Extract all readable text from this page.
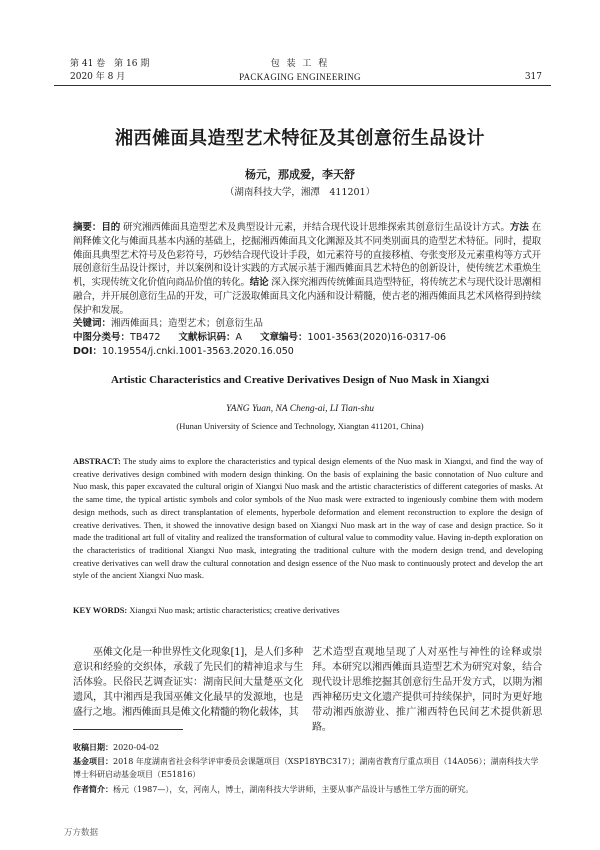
第 41 卷　第 16 期	包 装 工 程
2020 年 8 月	PACKAGING ENGINEERING	317
湘西傩面具造型艺术特征及其创意衍生品设计
杨元，那成爱，李天舒
（湖南科技大学，湘潭　411201）
摘要：目的 研究湘西傩面具造型艺术及典型设计元素，并结合现代设计思维探索其创意衍生品设计方式。方法 在阐释傩文化与傩面具基本内涵的基础上，挖掘湘西傩面具文化渊源及其不同类别面具的造型艺术特征。同时，提取傩面具典型艺术符号及色彩符号，巧妙结合现代设计手段，如元素符号的直接移植、夸张变形及元素重构等方式开展创意衍生品设计探讨，并以案例和设计实践的方式展示基于湘西傩面具艺术特色的创新设计，使传统艺术重焕生机，实现传统文化价值向商品价值的转化。结论 深入探究湘西传统傩面具造型特征，将传统艺术与现代设计思潮相融合，并开展创意衍生品的开发，可广泛汲取傩面具文化内涵和设计精髓，使古老的湘西傩面具艺术风格得到持续保护和发展。
关键词：湘西傩面具；造型艺术；创意衍生品
中图分类号：TB472 文献标识码：A 文章编号：1001-3563(2020)16-0317-06
DOI：10.19554/j.cnki.1001-3563.2020.16.050
Artistic Characteristics and Creative Derivatives Design of Nuo Mask in Xiangxi
YANG Yuan, NA Cheng-ai, LI Tian-shu
(Hunan University of Science and Technology, Xiangtan 411201, China)
ABSTRACT: The study aims to explore the characteristics and typical design elements of the Nuo mask in Xiangxi, and find the way of creative derivatives design combined with modern design thinking. On the basis of explaining the basic connotation of Nuo culture and Nuo mask, this paper excavated the cultural origin of Xiangxi Nuo mask and the artistic characteristics of different categories of masks. At the same time, the typical artistic symbols and color symbols of the Nuo mask were extracted to ingeniously combine them with modern design methods, such as direct transplantation of elements, hyperbole deformation and element reconstruction to explore the design of creative derivatives. Then, it showed the innovative design based on Xiangxi Nuo mask art in the way of case and design practice. So it made the traditional art full of vitality and realized the transformation of cultural value to commodity value. Having in-depth exploration on the characteristics of traditional Xiangxi Nuo mask, integrating the traditional culture with the modern design trend, and developing creative derivatives can well draw the cultural connotation and design essence of the Nuo mask to continuously protect and develop the art style of the ancient Xiangxi Nuo mask.
KEY WORDS: Xiangxi Nuo mask; artistic characteristics; creative derivatives
巫傩文化是一种世界性文化现象[1]，是人们多种意识和经验的交织体，承载了先民们的精神追求与生活体验。民俗民艺调查证实：湖南民间大量楚巫文化遗风，其中湘西是我国巫傩文化最早的发源地，也是盛行之地。湘西傩面具是傩文化精髓的物化载体，其
艺术造型直观地呈现了人对巫性与神性的诠释或崇拜。本研究以湘西傩面具造型艺术为研究对象，结合现代设计思维挖掘其创意衍生品开发方式，以期为湘西神秘历史文化遗产提供可持续保护，同时为更好地带动湘西旅游业、推广湘西特色民间艺术提供新思路。
收稿日期：2020-04-02
基金项目：2018 年度湖南省社会科学评审委员会课题项目（XSP18YBC317）；湖南省教育厅重点项目（14A056）；湖南科技大学博士科研启动基金项目（E51816）
作者简介：杨元（1987—），女，河南人，博士，湖南科技大学讲师，主要从事产品设计与感性工学方面的研究。
万方数据
